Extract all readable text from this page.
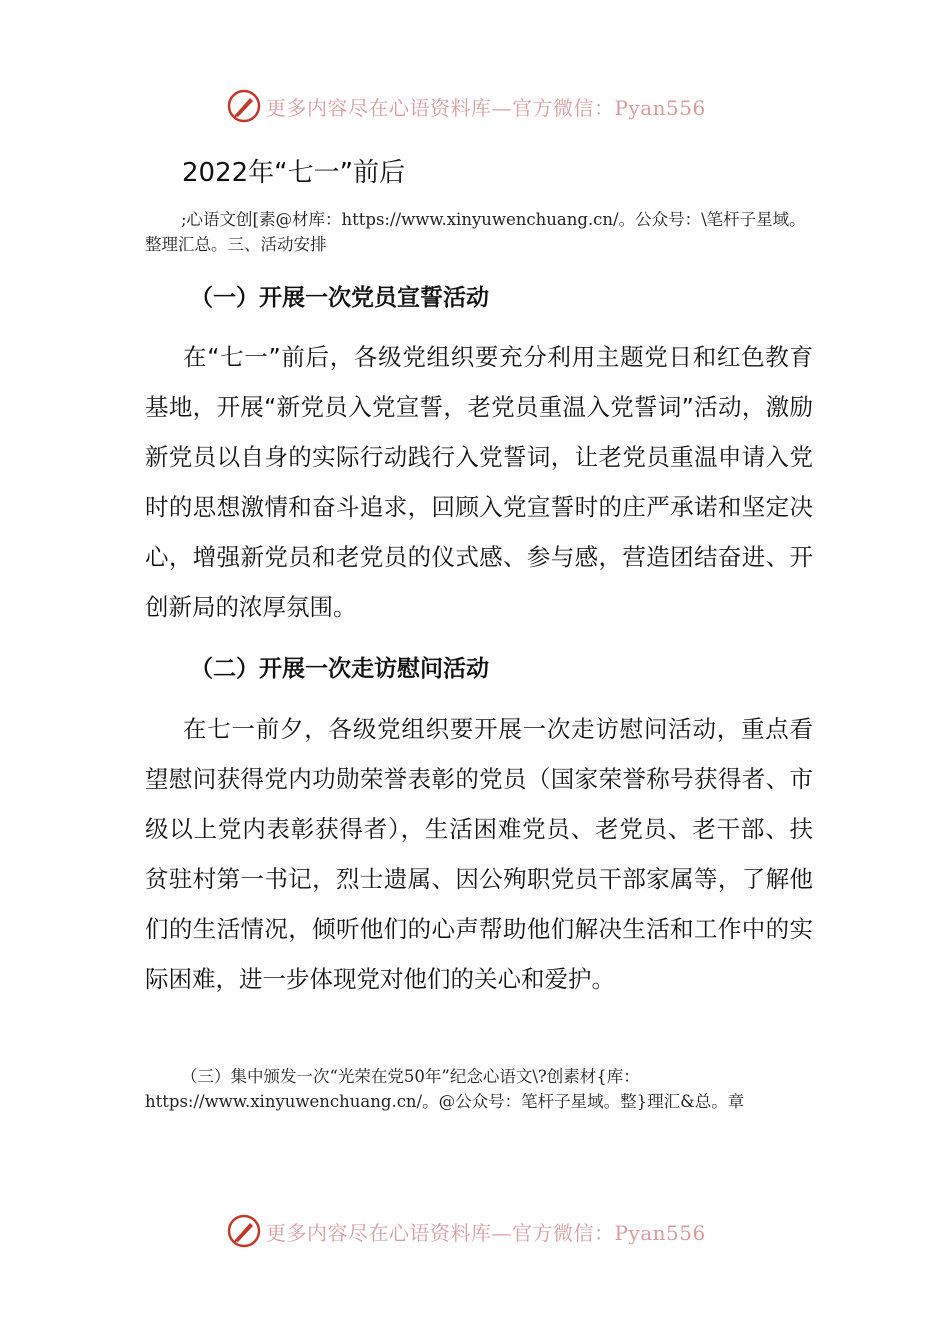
更多内容尽在心语资料库—官方微信：Pyan556
2022年“七一”前后
;心语文创[素@材库：https://www.xinyuwenchuang.cn/。公众号：\笔杆子星域。整理汇总。三、活动安排
（一）开展一次党员宣誓活动
在“七一”前后，各级党组织要充分利用主题党日和红色教育基地，开展“新党员入党宣誓，老党员重温入党誓词”活动，激励新党员以自身的实际行动践行入党誓词，让老党员重温申请入党时的思想激情和奋斗追求，回顾入党宣誓时的庄严承诺和坚定决心，增强新党员和老党员的仪式感、参与感，营造团结奋进、开创新局的浓厚氛围。
（二）开展一次走访慰问活动
在七一前夕，各级党组织要开展一次走访慰问活动，重点看望慰问获得党内功勋荣誉表彰的党员（国家荣誉称号获得者、市级以上党内表彰获得者），生活困难党员、老党员、老干部、扶贫驻村第一书记，烈士遗属、因公殉职党员干部家属等，了解他们的生活情况，倾听他们的心声帮助他们解决生活和工作中的实际困难，进一步体现党对他们的关心和爱护。
（三）集中颁发一次“光荣在党50年”纪念心语文\?创素材{库：https://www.xinyuwenchuang.cn/。@公众号：笔杆子星域。整}理汇&总。章
更多内容尽在心语资料库—官方微信：Pyan556
